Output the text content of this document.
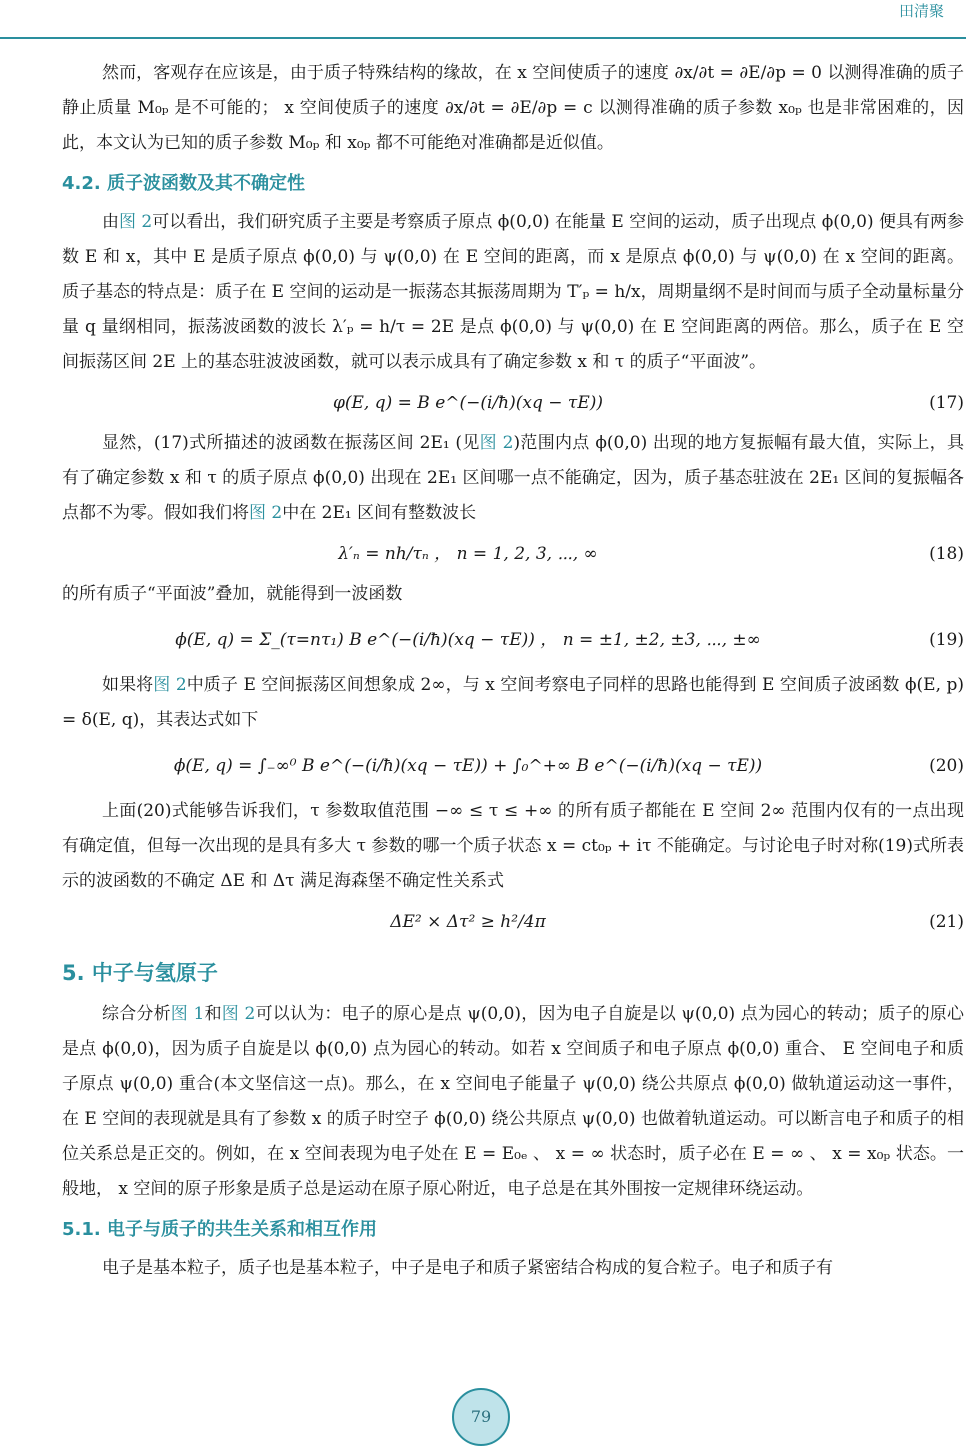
田清聚

然而，客观存在应该是，由于质子特殊结构的缘故，在 x 空间使质子的速度 ∂x/∂t = ∂E/∂p = 0 以测得准确的质子静止质量 M₀ₚ 是不可能的； x 空间使质子的速度 ∂x/∂t = ∂E/∂p = c 以测得准确的质子参数 x₀ₚ 也是非常困难的，因此，本文认为已知的质子参数 M₀ₚ 和 x₀ₚ 都不可能绝对准确都是近似值。

4.2. 质子波函数及其不确定性

由图 2可以看出，我们研究质子主要是考察质子原点 ϕ(0,0) 在能量 E 空间的运动，质子出现点 ϕ(0,0) 便具有两参数 E 和 x，其中 E 是质子原点 ϕ(0,0) 与 ψ(0,0) 在 E 空间的距离，而 x 是原点 ϕ(0,0) 与 ψ(0,0) 在 x 空间的距离。质子基态的特点是：质子在 E 空间的运动是一振荡态其振荡周期为 T′ₚ = h/x，周期量纲不是时间而与质子全动量标量分量 q 量纲相同，振荡波函数的波长 λ′ₚ = h/τ = 2E 是点 ϕ(0,0) 与 ψ(0,0) 在 E 空间距离的两倍。那么，质子在 E 空间振荡区间 2E 上的基态驻波波函数，就可以表示成具有了确定参数 x 和 τ 的质子“平面波”。

φ(E, q) = B e^(−(i/ħ)(xq − τE))	(17)

显然，(17)式所描述的波函数在振荡区间 2E₁ (见图 2)范围内点 ϕ(0,0) 出现的地方复振幅有最大值，实际上，具有了确定参数 x 和 τ 的质子原点 ϕ(0,0) 出现在 2E₁ 区间哪一点不能确定，因为，质子基态驻波在 2E₁ 区间的复振幅各点都不为零。假如我们将图 2中在 2E₁ 区间有整数波长

λ′ₙ = nh/τₙ ， n = 1, 2, 3, ⋯, ∞	(18)

的所有质子“平面波”叠加，就能得到一波函数

ϕ(E, q) = Σ_(τ=nτ₁) B e^(−(i/ħ)(xq − τE)) ， n = ±1, ±2, ±3, ⋯, ±∞	(19)

如果将图 2中质子 E 空间振荡区间想象成 2∞，与 x 空间考察电子同样的思路也能得到 E 空间质子波函数 ϕ(E, p) = δ(E, q)，其表达式如下

ϕ(E, q) = ∫₋∞⁰ B e^(−(i/ħ)(xq − τE)) + ∫₀^+∞ B e^(−(i/ħ)(xq − τE))	(20)

上面(20)式能够告诉我们，τ 参数取值范围 −∞ ≤ τ ≤ +∞ 的所有质子都能在 E 空间 2∞ 范围内仅有的一点出现有确定值，但每一次出现的是具有多大 τ 参数的哪一个质子状态 x = ct₀ₚ + iτ 不能确定。与讨论电子时对称(19)式所表示的波函数的不确定 ΔE 和 Δτ 满足海森堡不确定性关系式

ΔE² × Δτ² ≥ h²/4π	(21)
5. 中子与氢原子

综合分析图 1和图 2可以认为：电子的原心是点 ψ(0,0)，因为电子自旋是以 ψ(0,0) 点为园心的转动；质子的原心是点 ϕ(0,0)，因为质子自旋是以 ϕ(0,0) 点为园心的转动。如若 x 空间质子和电子原点 ϕ(0,0) 重合、 E 空间电子和质子原点 ψ(0,0) 重合(本文坚信这一点)。那么，在 x 空间电子能量子 ψ(0,0) 绕公共原点 ϕ(0,0) 做轨道运动这一事件，在 E 空间的表现就是具有了参数 x 的质子时空子 ϕ(0,0) 绕公共原点 ψ(0,0) 也做着轨道运动。可以断言电子和质子的相位关系总是正交的。例如，在 x 空间表现为电子处在 E = E₀ₑ 、 x = ∞ 状态时，质子必在 E = ∞ 、 x = x₀ₚ 状态。一般地， x 空间的原子形象是质子总是运动在原子原心附近，电子总是在其外围按一定规律环绕运动。

5.1. 电子与质子的共生关系和相互作用

电子是基本粒子，质子也是基本粒子，中子是电子和质子紧密结合构成的复合粒子。电子和质子有

79
